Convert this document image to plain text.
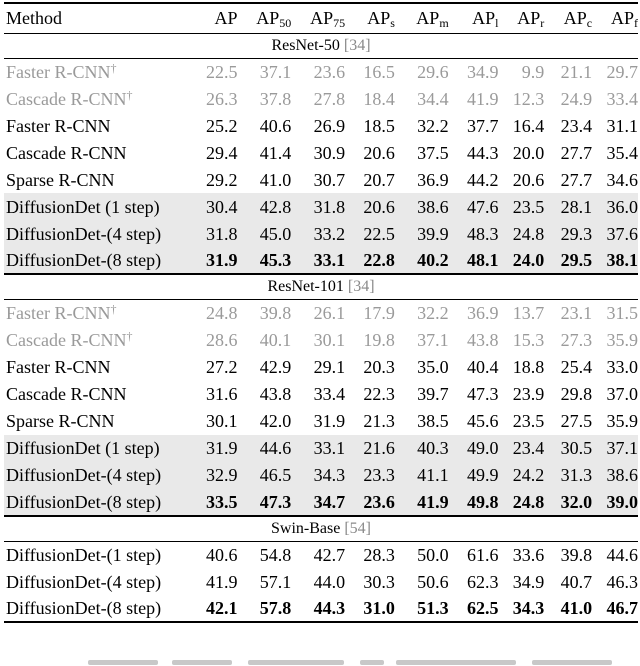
Method	AP	$AP_{50}$	$AP_{75}$	$AP_s$	$AP_m$	$AP_l$	$AP_r$	$AP_c$	$AP_f$
ResNet-50 [34]									
Faster R-CNN†	22.5	37.1	23.6	16.5	29.6	34.9	9.9	21.1	29.7
Cascade R-CNN†	26.3	37.8	27.8	18.4	34.4	41.9	12.3	24.9	33.4
Faster R-CNN	25.2	40.6	26.9	18.5	32.2	37.7	16.4	23.4	31.1
Cascade R-CNN	29.4	41.4	30.9	20.6	37.5	44.3	20.0	27.7	35.4
Sparse R-CNN	29.2	41.0	30.7	20.7	36.9	44.2	20.6	27.7	34.6
DiffusionDet (1 step)	30.4	42.8	31.8	20.6	38.6	47.6	23.5	28.1	36.0
DiffusionDet-(4 step)	31.8	45.0	33.2	22.5	39.9	48.3	24.8	29.3	37.6
DiffusionDet-(8 step)	31.9	45.3	33.1	22.8	40.2	48.1	24.0	29.5	38.1
ResNet-101 [34]									
Faster R-CNN†	24.8	39.8	26.1	17.9	32.2	36.9	13.7	23.1	31.5
Cascade R-CNN†	28.6	40.1	30.1	19.8	37.1	43.8	15.3	27.3	35.9
Faster R-CNN	27.2	42.9	29.1	20.3	35.0	40.4	18.8	25.4	33.0
Cascade R-CNN	31.6	43.8	33.4	22.3	39.7	47.3	23.9	29.8	37.0
Sparse R-CNN	30.1	42.0	31.9	21.3	38.5	45.6	23.5	27.5	35.9
DiffusionDet (1 step)	31.9	44.6	33.1	21.6	40.3	49.0	23.4	30.5	37.1
DiffusionDet-(4 step)	32.9	46.5	34.3	23.3	41.1	49.9	24.2	31.3	38.6
DiffusionDet-(8 step)	33.5	47.3	34.7	23.6	41.9	49.8	24.8	32.0	39.0
Swin-Base [54]									
DiffusionDet-(1 step)	40.6	54.8	42.7	28.3	50.0	61.6	33.6	39.8	44.6
DiffusionDet-(4 step)	41.9	57.1	44.0	30.3	50.6	62.3	34.9	40.7	46.3
DiffusionDet-(8 step)	42.1	57.8	44.3	31.0	51.3	62.5	34.3	41.0	46.7
